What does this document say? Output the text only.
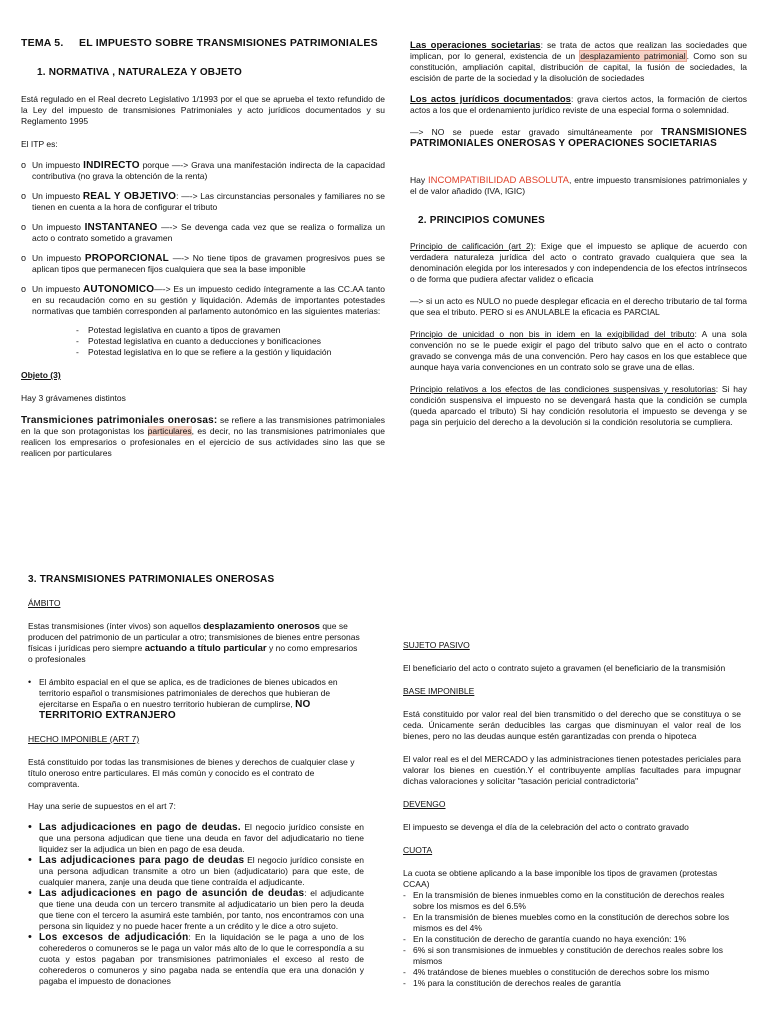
TEMA 5. EL IMPUESTO SOBRE TRANSMISIONES PATRIMONIALES
1. NORMATIVA , NATURALEZA Y OBJETO

Está regulado en el Real decreto Legislativo 1/1993 por el que se aprueba el texto refundido de la Ley del impuesto de transmisiones Patrimoniales y acto jurídicos documentados y su Reglamento 1995

El ITP es:

o Un impuesto INDIRECTO porque —-> Grava una manifestación indirecta de la capacidad contributiva (no grava la obtención de la renta)
o Un impuesto REAL Y OBJETIVO: —-> Las circunstancias personales y familiares no se tienen en cuenta a la hora de configurar el tributo
o Un impuesto INSTANTANEO —-> Se devenga cada vez que se realiza o formaliza un acto o contrato sometido a gravamen
o Un impuesto PROPORCIONAL —-> No tiene tipos de gravamen progresivos pues se aplican tipos que permanecen fijos cualquiera que sea la base imponible
o Un impuesto AUTONOMICO—-> Es un impuesto cedido íntegramente a las CC.AA tanto en su recaudación como en su gestión y liquidación. Además de importantes potestades normativas que también corresponden al parlamento autonómico en las siguientes materias:
-	Potestad legislativa en cuanto a tipos de gravamen
-	Potestad legislativa en cuanto a deducciones y bonificaciones
-	Potestad legislativa en lo que se refiere a la gestión y liquidación

Objeto (3)

Hay 3 grávamenes distintos

Transmiciones patrimoniales onerosas: se refiere a las transmisiones patrimoniales en la que son protagonistas los particulares, es decir, no las transmisiones patrimoniales que realicen los empresarios o profesionales en el ejercicio de sus actividades sino las que se realicen por particulares

Las operaciones societarias: se trata de actos que realizan las sociedades que implican, por lo general, existencia de un desplazamiento patrimonial. Como son su constitución, ampliación capital, distribución de capital, la fusión de sociedades, la escisión de parte de la sociedad y la disolución de sociedades

Los actos jurídicos documentados: grava ciertos actos, la formación de ciertos actos a los que el ordenamiento jurídico reviste de una especial forma o solemnidad.

—> NO se puede estar gravado simultáneamente por TRANSMISIONES PATRIMONIALES ONEROSAS Y OPERACIONES SOCIETARIAS

Hay INCOMPATIBILIDAD ABSOLUTA, entre impuesto transmisiones patrimoniales y el de valor añadido (IVA, IGIC)

2. PRINCIPIOS COMUNES

Principio de calificación (art 2): Exige que el impuesto se aplique de acuerdo con verdadera naturaleza jurídica del acto o contrato gravado cualquiera que sea la denominación elegida por los interesados y con independencia de los efectos intrínsecos o de forma que pudiera afectar validez o eficacia

—> si un acto es NULO no puede desplegar eficacia en el derecho tributario de tal forma que sea el tributo. PERO si es ANULABLE la eficacia es PARCIAL

Principio de unicidad o non bis in idem en la exigibilidad del tributo: A una sola convención no se le puede exigir el pago del tributo salvo que en el acto o contrato gravado se convenga más de una convención. Pero hay casos en los que establece que aunque haya varia convenciones en un contrato solo se grave una de ellas.

Principio relativos a los efectos de las condiciones suspensivas y resolutorias: Si hay condición suspensiva el impuesto no se devengará hasta que la condición se cumpla (queda aparcado el tributo) Si hay condición resolutoria el impuesto se devenga y se paga sin perjuicio del derecho a la devolución si la condición resolutoria se cumpliera.

3. TRANSMISIONES PATRIMONIALES ONEROSAS

ÁMBITO

Estas transmisiones (ínter vivos) son aquellos desplazamiento onerosos que se producen del patrimonio de un particular a otro; transmisiones de bienes entre personas físicas i jurídicas pero siempre actuando a título particular y no como empresarios o profesionales

• El ámbito espacial en el que se aplica, es de tradiciones de bienes ubicados en territorio español o transmisiones patrimoniales de derechos que hubieran de ejercitarse en España o en nuestro territorio hubieran de cumplirse, NO TERRITORIO EXTRANJERO

HECHO IMPONIBLE (ART 7)

Está constituido por todas las transmisiones de bienes y derechos de cualquier clase y título oneroso entre particulares. El más común y conocido es el contrato de compraventa.

Hay una serie de supuestos en el art 7:

• Las adjudicaciones en pago de deudas. El negocio jurídico consiste en que una persona adjudican que tiene una deuda en favor del adjudicatario no tiene liquidez ser la adjudica un bien en pago de esa deuda.
• Las adjudicaciones para pago de deudas El negocio jurídico consiste en una persona adjudican transmite a otro un bien (adjudicatario) para que este, de cualquier manera, zanje una deuda que tiene contraída el adjudicante.
• Las adjudicaciones en pago de asunción de deudas: el adjudicante que tiene una deuda con un tercero transmite al adjudicatario un bien pero la deuda que tiene con el tercero la asumirá este también, por tanto, nos encontramos con una persona sin liquidez y no puede hacer frente a un crédito y le dice a otro sujeto.
• Los excesos de adjudicación: En la liquidación se le paga a uno de los coherederos o comuneros se le paga un valor más alto de lo que le correspondía a su cuota y estos pagaban por transmisiones patrimoniales el exceso al resto de coherederos o comuneros y sino pagaba nada se entendía que era una donación y pagaba el impuesto de donaciones

SUJETO PASIVO

El beneficiario del acto o contrato sujeto a gravamen (el beneficiario de la transmisión

BASE IMPONIBLE

Está constituido por valor real del bien transmitido o del derecho que se constituya o se ceda. Únicamente serán deducibles las cargas que disminuyan el valor real de los bienes, pero no las deudas aunque estén garantizadas con prenda o hipoteca

El valor real es el del MERCADO y las administraciones tienen potestades periciales para valorar los bienes en cuestión.Y el contribuyente amplías facultades para impugnar dichas valoraciones y solicitar "tasación pericial contradictoria"

DEVENGO

El impuesto se devenga el día de la celebración del acto o contrato gravado

CUOTA

La cuota se obtiene aplicando a la base imponible los tipos de gravamen (protestas CCAA)

- En la transmisión de bienes inmuebles como en la constitución de derechos reales sobre los mismos es del 6.5%
- En la transmisión de bienes muebles como en la constitución de derechos sobre los mismos es del 4%
- En la constitución de derecho de garantía cuando no haya exención: 1%
- 6% si son transmisiones de inmuebles y constitución de derechos reales sobre los mismos
- 4% tratándose de bienes muebles o constitución de derechos sobre los mismo
- 1% para la constitución de derechos reales de garantía
